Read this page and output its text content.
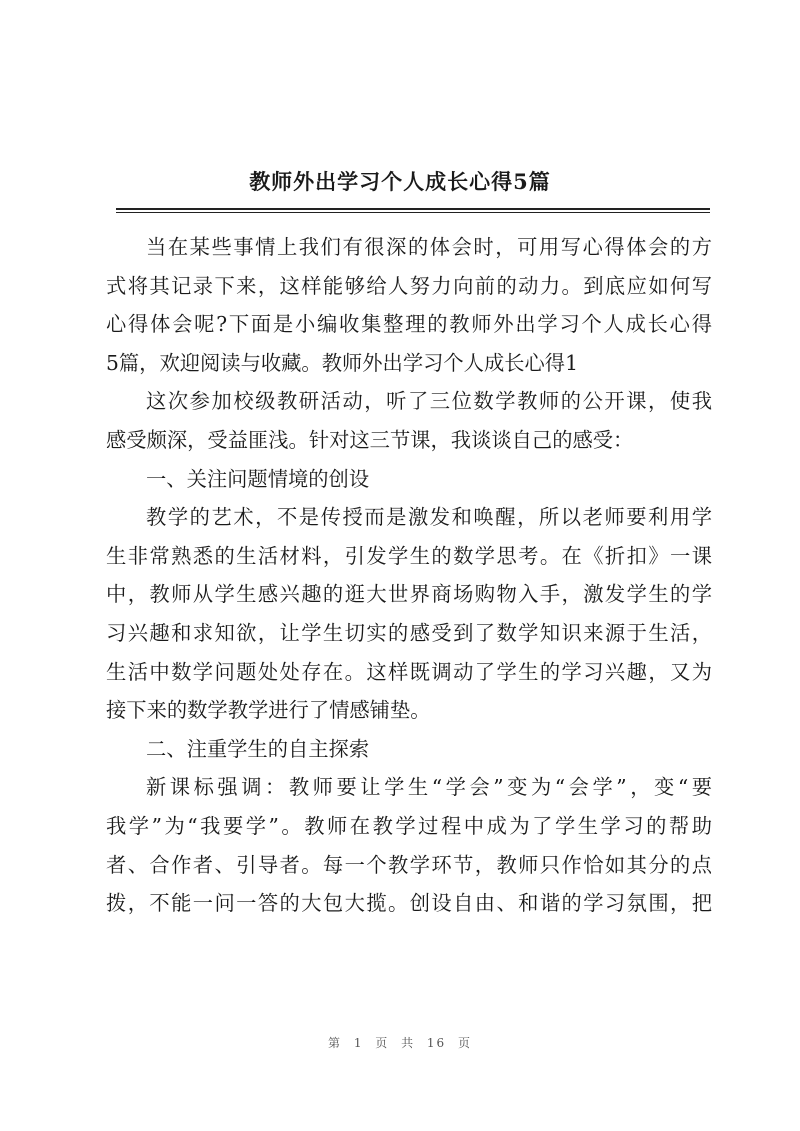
教师外出学习个人成长心得5篇
当在某些事情上我们有很深的体会时，可用写心得体会的方
式将其记录下来，这样能够给人努力向前的动力。到底应如何写
心得体会呢?下面是小编收集整理的教师外出学习个人成长心得
5篇，欢迎阅读与收藏。教师外出学习个人成长心得1
这次参加校级教研活动，听了三位数学教师的公开课，使我
感受颇深，受益匪浅。针对这三节课，我谈谈自己的感受：
一、关注问题情境的创设
教学的艺术，不是传授而是激发和唤醒，所以老师要利用学
生非常熟悉的生活材料，引发学生的数学思考。在《折扣》一课
中，教师从学生感兴趣的逛大世界商场购物入手，激发学生的学
习兴趣和求知欲，让学生切实的感受到了数学知识来源于生活，
生活中数学问题处处存在。这样既调动了学生的学习兴趣，又为
接下来的数学教学进行了情感铺垫。
二、注重学生的自主探索
新课标强调：教师要让学生“学会”变为“会学”，变“要
我学”为“我要学”。教师在教学过程中成为了学生学习的帮助
者、合作者、引导者。每一个教学环节，教师只作恰如其分的点
拨，不能一问一答的大包大揽。创设自由、和谐的学习氛围，把
第 1 页 共 16 页
